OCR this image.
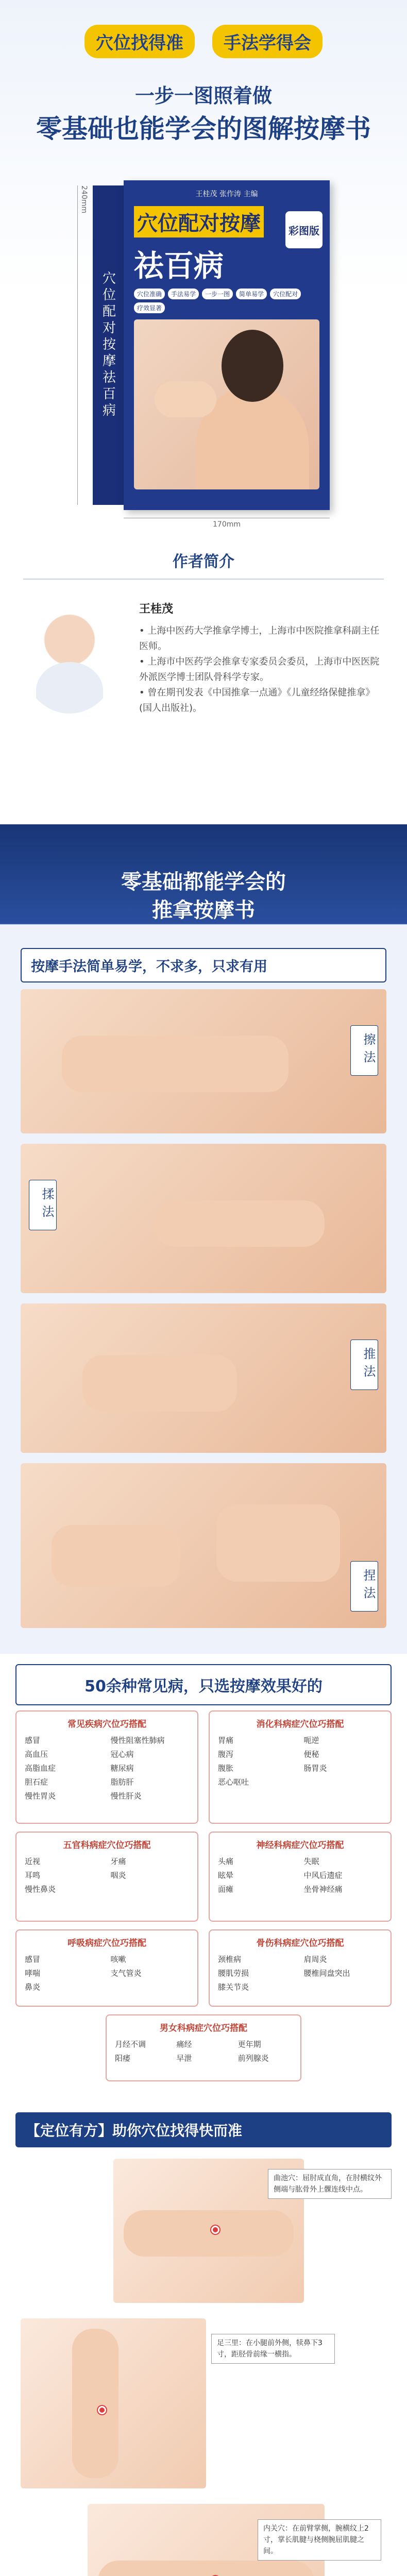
穴位找得准	手法学得会
一步一图照着做
零基础也能学会的图解按摩书
穴位配对按摩祛百病
王桂茂 张作涛 主编
穴位配对按摩
祛百病
彩图版
穴位准确	手法易学	一步一图	简单易学	穴位配对
疗效显著
240mm
170mm
作者简介
王桂茂

• 上海中医药大学推拿学博士，上海市中医院推拿科副主任医师。

• 上海市中医药学会推拿专家委员会委员，上海市中医医院外派医学博士团队骨科学专家。

• 曾在期刊发表《中国推拿一点通》《儿童经络保健推拿》(国人出版社)。

零基础都能学会的
推拿按摩书
按摩手法简单易学，不求多，只求有用
擦法
揉法
推法
捏法
50余种常见病，只选按摩效果好的
常见疾病穴位巧搭配
感冒	慢性阻塞性肺病
高血压	冠心病
高脂血症	糖尿病
胆石症	脂肪肝
慢性胃炎	慢性肝炎
消化科病症穴位巧搭配
胃痛	呃逆
腹泻	便秘
腹胀	肠胃炎
恶心呕吐
五官科病症穴位巧搭配
近视	牙痛
耳鸣	咽炎
慢性鼻炎
神经科病症穴位巧搭配
头痛	失眠
眩晕	中风后遗症
面瘫	坐骨神经痛
呼吸病症穴位巧搭配
感冒	咳嗽
哮喘	支气管炎
鼻炎
骨伤科病症穴位巧搭配
颈椎病	肩周炎
腰肌劳损	腰椎间盘突出
膝关节炎
男女科病症穴位巧搭配
月经不调	痛经	更年期
阳痿	早泄	前列腺炎
【定位有方】助你穴位找得快而准
曲池穴：屈肘成直角，在肘横纹外侧端与肱骨外上髁连线中点。
足三里：在小腿前外侧，犊鼻下3寸，距胫骨前缘一横指。
内关穴：在前臂掌侧，腕横纹上2寸，掌长肌腱与桡侧腕屈肌腱之间。
